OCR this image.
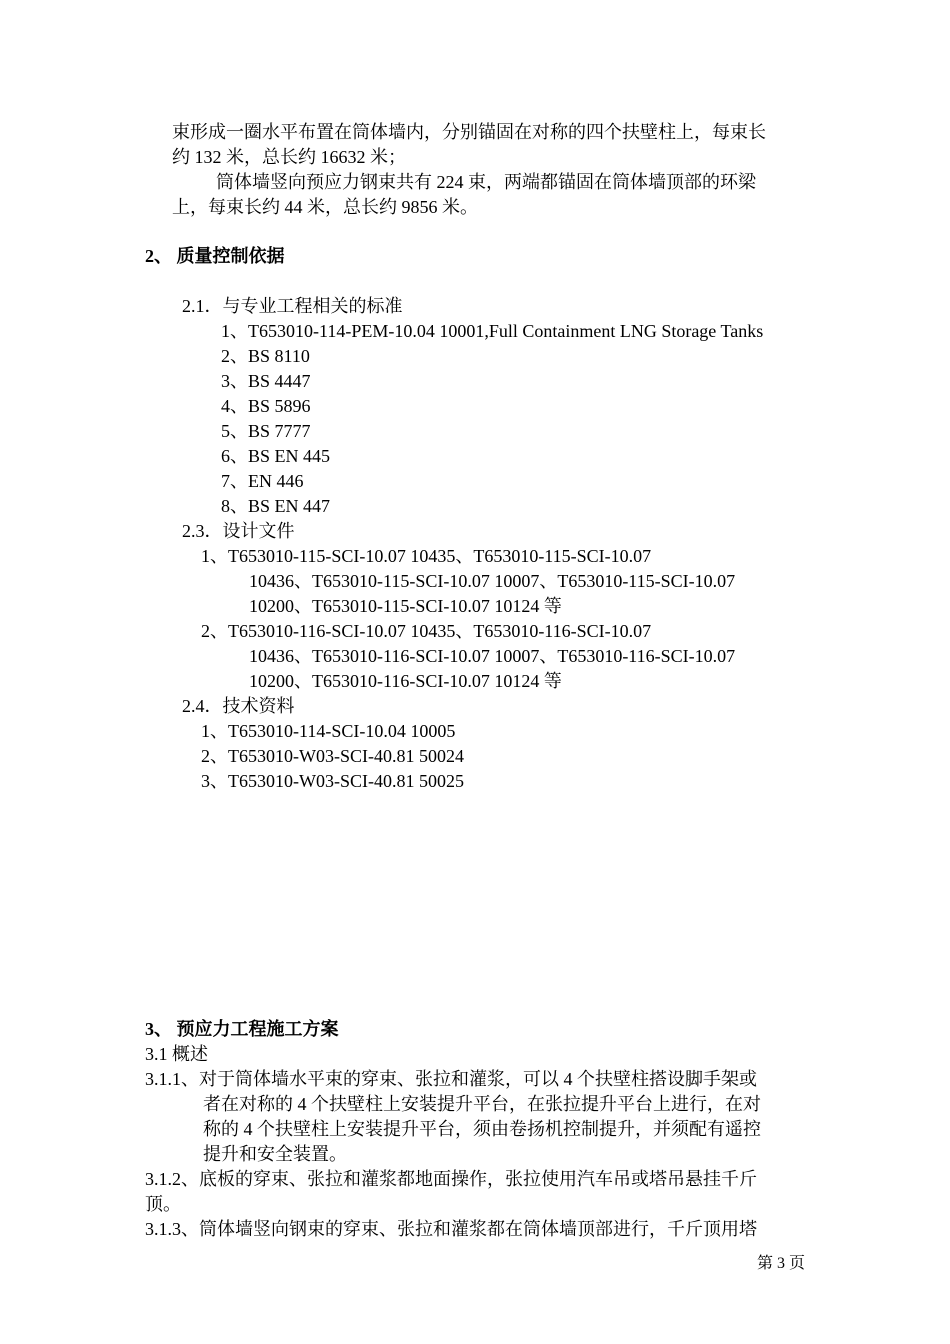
束形成一圈水平布置在筒体墙内，分别锚固在对称的四个扶壁柱上，每束长
约 132 米，总长约 16632 米；
筒体墙竖向预应力钢束共有 224 束，两端都锚固在筒体墙顶部的环梁
上，每束长约 44 米，总长约 9856 米。
2、 质量控制依据
2.1．与专业工程相关的标准
1、T653010-114-PEM-10.04 10001,Full Containment LNG Storage Tanks
2、BS 8110
3、BS 4447
4、BS 5896
5、BS 7777
6、BS EN 445
7、EN 446
8、BS EN 447
2.3．设计文件
1、T653010-115-SCI-10.07 10435、T653010-115-SCI-10.07
10436、T653010-115-SCI-10.07 10007、T653010-115-SCI-10.07
10200、T653010-115-SCI-10.07 10124 等
2、T653010-116-SCI-10.07 10435、T653010-116-SCI-10.07
10436、T653010-116-SCI-10.07 10007、T653010-116-SCI-10.07
10200、T653010-116-SCI-10.07 10124 等
2.4．技术资料
1、T653010-114-SCI-10.04 10005
2、T653010-W03-SCI-40.81 50024
3、T653010-W03-SCI-40.81 50025
3、 预应力工程施工方案
3.1 概述
3.1.1、对于筒体墙水平束的穿束、张拉和灌浆，可以 4 个扶壁柱搭设脚手架或
者在对称的 4 个扶壁柱上安装提升平台，在张拉提升平台上进行，在对
称的 4 个扶壁柱上安装提升平台，须由卷扬机控制提升，并须配有遥控
提升和安全装置。
3.1.2、底板的穿束、张拉和灌浆都地面操作，张拉使用汽车吊或塔吊悬挂千斤
顶。
3.1.3、筒体墙竖向钢束的穿束、张拉和灌浆都在筒体墙顶部进行，千斤顶用塔
第 3 页
